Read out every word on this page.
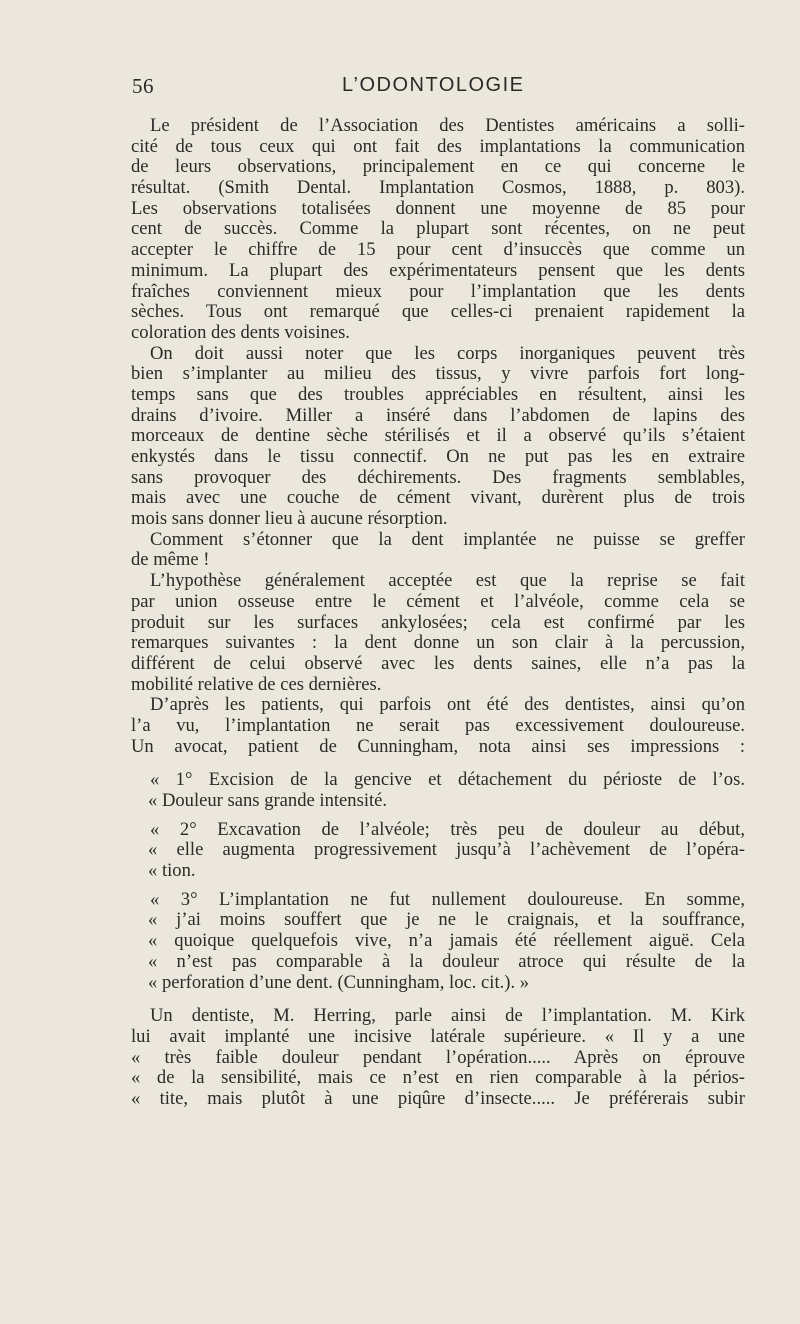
56	L’ODONTOLOGIE
Le président de l’Association des Dentistes américains a solli-
cité de tous ceux qui ont fait des implantations la communication
de leurs observations, principalement en ce qui concerne le
résultat. (Smith Dental. Implantation Cosmos, 1888, p. 803).
Les observations totalisées donnent une moyenne de 85 pour
cent de succès. Comme la plupart sont récentes, on ne peut
accepter le chiffre de 15 pour cent d’insuccès que comme un
minimum. La plupart des expérimentateurs pensent que les dents
fraîches conviennent mieux pour l’implantation que les dents
sèches. Tous ont remarqué que celles-ci prenaient rapidement la
coloration des dents voisines.
On doit aussi noter que les corps inorganiques peuvent très
bien s’implanter au milieu des tissus, y vivre parfois fort long-
temps sans que des troubles appréciables en résultent, ainsi les
drains d’ivoire. Miller a inséré dans l’abdomen de lapins des
morceaux de dentine sèche stérilisés et il a observé qu’ils s’étaient
enkystés dans le tissu connectif. On ne put pas les en extraire
sans provoquer des déchirements. Des fragments semblables,
mais avec une couche de cément vivant, durèrent plus de trois
mois sans donner lieu à aucune résorption.
Comment s’étonner que la dent implantée ne puisse se greffer
de même !
L’hypothèse généralement acceptée est que la reprise se fait
par union osseuse entre le cément et l’alvéole, comme cela se
produit sur les surfaces ankylosées; cela est confirmé par les
remarques suivantes : la dent donne un son clair à la percussion,
différent de celui observé avec les dents saines, elle n’a pas la
mobilité relative de ces dernières.
D’après les patients, qui parfois ont été des dentistes, ainsi qu’on
l’a vu, l’implantation ne serait pas excessivement douloureuse.
Un avocat, patient de Cunningham, nota ainsi ses impressions :
« 1° Excision de la gencive et détachement du périoste de l’os.
« Douleur sans grande intensité.
« 2° Excavation de l’alvéole; très peu de douleur au début,
« elle augmenta progressivement jusqu’à l’achèvement de l’opéra-
« tion.
« 3° L’implantation ne fut nullement douloureuse. En somme,
« j’ai moins souffert que je ne le craignais, et la souffrance,
« quoique quelquefois vive, n’a jamais été réellement aiguë. Cela
« n’est pas comparable à la douleur atroce qui résulte de la
« perforation d’une dent. (Cunningham, loc. cit.). »
Un dentiste, M. Herring, parle ainsi de l’implantation. M. Kirk
lui avait implanté une incisive latérale supérieure. « Il y a une
« très faible douleur pendant l’opération..... Après on éprouve
« de la sensibilité, mais ce n’est en rien comparable à la périos-
« tite, mais plutôt à une piqûre d’insecte..... Je préférerais subir
